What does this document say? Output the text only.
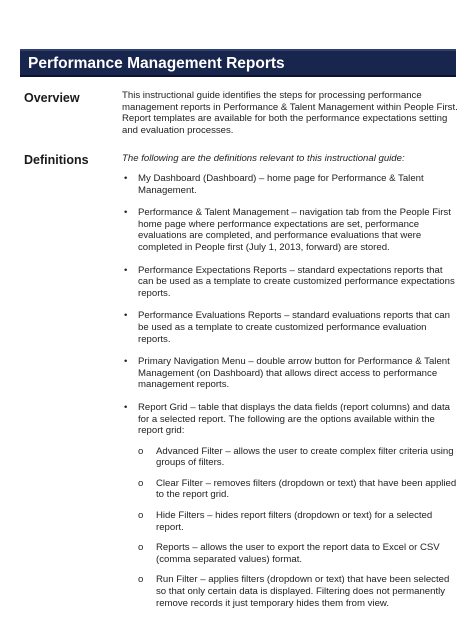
Performance Management Reports
Overview	This instructional guide identifies the steps for processing performance management reports in Performance & Talent Management within People First. Report templates are available for both the performance expectations setting and evaluation processes.
Definitions	The following are the definitions relevant to this instructional guide:
• My Dashboard (Dashboard) – home page for Performance & Talent Management.
• Performance & Talent Management – navigation tab from the People First home page where performance expectations are set, performance evaluations are completed, and performance evaluations that were completed in People first (July 1, 2013, forward) are stored.
• Performance Expectations Reports – standard expectations reports that can be used as a template to create customized performance expectations reports.
• Performance Evaluations Reports – standard evaluations reports that can be used as a template to create customized performance evaluation reports.
• Primary Navigation Menu – double arrow button for Performance & Talent Management (on Dashboard) that allows direct access to performance management reports.
• Report Grid – table that displays the data fields (report columns) and data for a selected report. The following are the options available within the report grid:
o Advanced Filter – allows the user to create complex filter criteria using groups of filters.
o Clear Filter – removes filters (dropdown or text) that have been applied to the report grid.
o Hide Filters – hides report filters (dropdown or text) for a selected report.
o Reports – allows the user to export the report data to Excel or CSV (comma separated values) format.
o Run Filter – applies filters (dropdown or text) that have been selected so that only certain data is displayed. Filtering does not permanently remove records it just temporary hides them from view.
